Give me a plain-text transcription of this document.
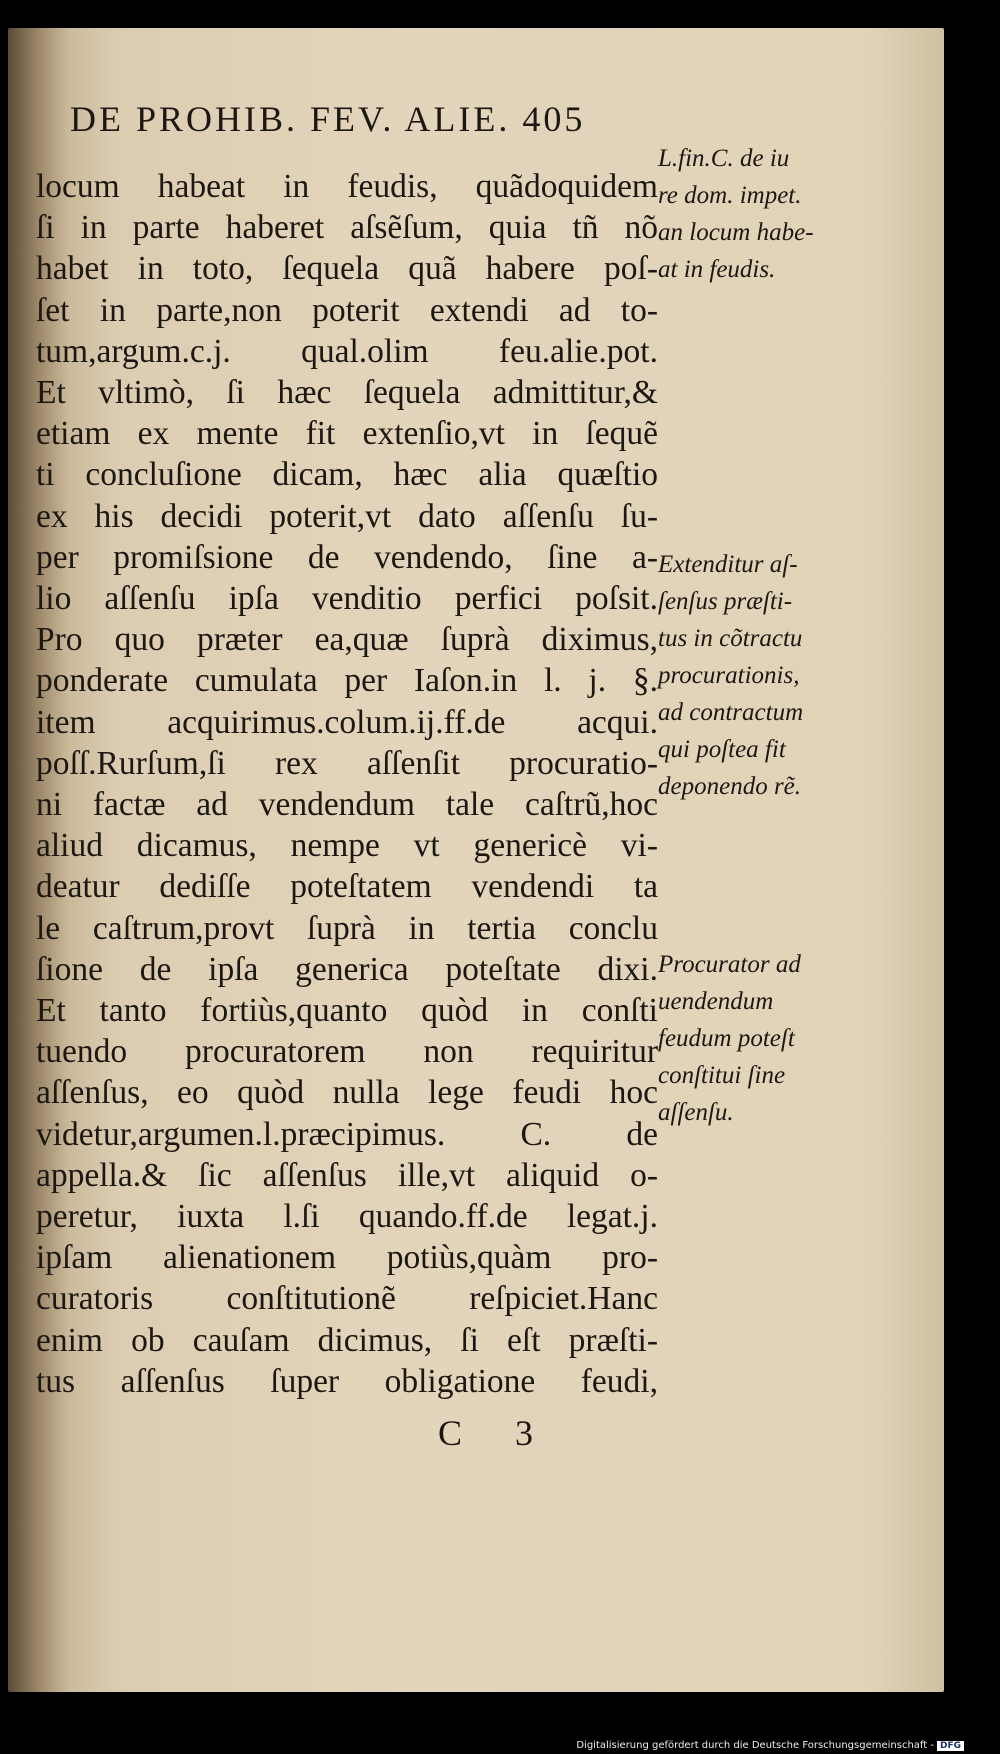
DE PROHIB. FEV. ALIE. 405
locum habeat in feudis, quãdoquidem
ſi in parte haberet aſsẽſum, quia tñ nõ
habet in toto, ſequela quã habere poſ-
ſet in parte,non poterit extendi ad to-
tum,argum.c.j. qual.olim feu.alie.pot.
Et vltimò, ſi hæc ſequela admittitur,&
etiam ex mente fit extenſio,vt in ſequẽ
ti concluſione dicam, hæc alia quæſtio
ex his decidi poterit,vt dato aſſenſu ſu-
per promiſsione de vendendo, ſine a-
lio aſſenſu ipſa venditio perfici poſsit.
Pro quo præter ea,quæ ſuprà diximus,
ponderate cumulata per Iaſon.in l. j. §.
item acquirimus.colum.ij.ff.de acqui.
poſſ.Rurſum,ſi rex aſſenſit procuratio-
ni factæ ad vendendum tale caſtrũ,hoc
aliud dicamus, nempe vt genericè vi-
deatur dediſſe poteſtatem vendendi ta
le caſtrum,provt ſuprà in tertia conclu
ſione de ipſa generica poteſtate dixi.
Et tanto fortiùs,quanto quòd in conſti
tuendo procuratorem non requiritur
aſſenſus, eo quòd nulla lege feudi hoc
videtur,argumen.l.præcipimus. C. de
appella.& ſic aſſenſus ille,vt aliquid o-
peretur, iuxta l.ſi quando.ff.de legat.j.
ipſam alienationem potiùs,quàm pro-
curatoris conſtitutionẽ reſpiciet.Hanc
enim ob cauſam dicimus, ſi eſt præſti-
tus aſſenſus ſuper obligatione feudi,
L.fin.C. de iu
re dom. impet.
an locum habe-
at in feudis.
Extenditur aſ-
ſenſus præſti-
tus in cõtractu
procurationis,
ad contractum
qui poſtea fit
deponendo rẽ.
Procurator ad
uendendum
feudum poteſt
conſtitui ſine
aſſenſu.
C 3
Digitalisierung gefördert durch die Deutsche Forschungsgemeinschaft - DFG
